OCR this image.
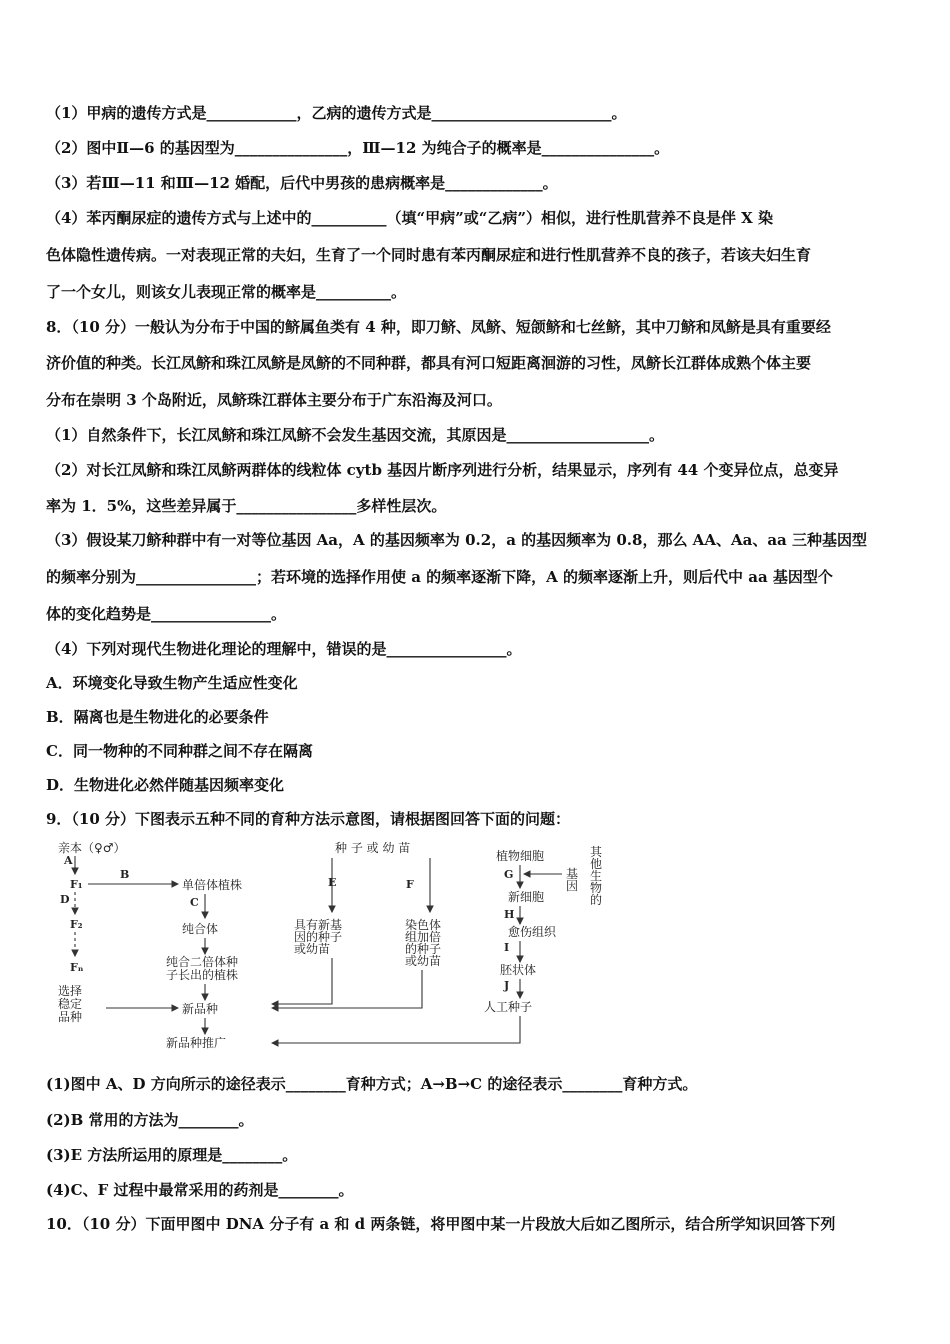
（1）甲病的遗传方式是____________，乙病的遗传方式是________________________。
（2）图中Ⅱ—6 的基因型为_______________，Ⅲ—12 为纯合子的概率是_______________。
（3）若Ⅲ—11 和Ⅲ—12 婚配，后代中男孩的患病概率是_____________。
（4）苯丙酮尿症的遗传方式与上述中的__________（填“甲病”或“乙病”）相似，进行性肌营养不良是伴 X 染
色体隐性遗传病。一对表现正常的夫妇，生育了一个同时患有苯丙酮尿症和进行性肌营养不良的孩子，若该夫妇生育
了一个女儿，则该女儿表现正常的概率是__________。
8．（10 分）一般认为分布于中国的鲚属鱼类有 4 种，即刀鲚、凤鲚、短颌鲚和七丝鲚，其中刀鲚和凤鲚是具有重要经
济价值的种类。长江凤鲚和珠江凤鲚是凤鲚的不同种群，都具有河口短距离洄游的习性，凤鲚长江群体成熟个体主要
分布在崇明 3 个岛附近，凤鲚珠江群体主要分布于广东沿海及河口。
（1）自然条件下，长江凤鲚和珠江凤鲚不会发生基因交流，其原因是___________________。
（2）对长江凤鲚和珠江凤鲚两群体的线粒体 cytb 基因片断序列进行分析，结果显示，序列有 44 个变异位点，总变异
率为 1．5%，这些差异属于________________多样性层次。
（3）假设某刀鲚种群中有一对等位基因 Aa，A 的基因频率为 0.2，a 的基因频率为 0.8，那么 AA、Aa、aa 三种基因型
的频率分别为________________；若环境的选择作用使 a 的频率逐渐下降，A 的频率逐渐上升，则后代中 aa 基因型个
体的变化趋势是________________。
（4）下列对现代生物进化理论的理解中，错误的是________________。
A．环境变化导致生物产生适应性变化
B．隔离也是生物进化的必要条件
C．同一物种的不同种群之间不存在隔离
D．生物进化必然伴随基因频率变化
9．（10 分）下图表示五种不同的育种方法示意图，请根据图回答下面的问题：
亲本（♀♂）
A
F₁
B
D
F₂
Fₙ
选择
稳定
品种
单倍体植株
C
纯合体
纯合二倍体种
子长出的植株
新品种
新品种推广
种 子 或 幼 苗
E	F
具有新基
因的种子
或幼苗
染色体
组加倍
的种子
或幼苗
植物细胞	其
他
生
物
的
基
因
G
新细胞
H
愈伤组织
I
胚状体
J
人工种子
(1)图中 A、D 方向所示的途径表示________育种方式；A→B→C 的途径表示________育种方式。
(2)B 常用的方法为________。
(3)E 方法所运用的原理是________。
(4)C、F 过程中最常采用的药剂是________。
10．（10 分）下面甲图中 DNA 分子有 a 和 d 两条链，将甲图中某一片段放大后如乙图所示，结合所学知识回答下列
